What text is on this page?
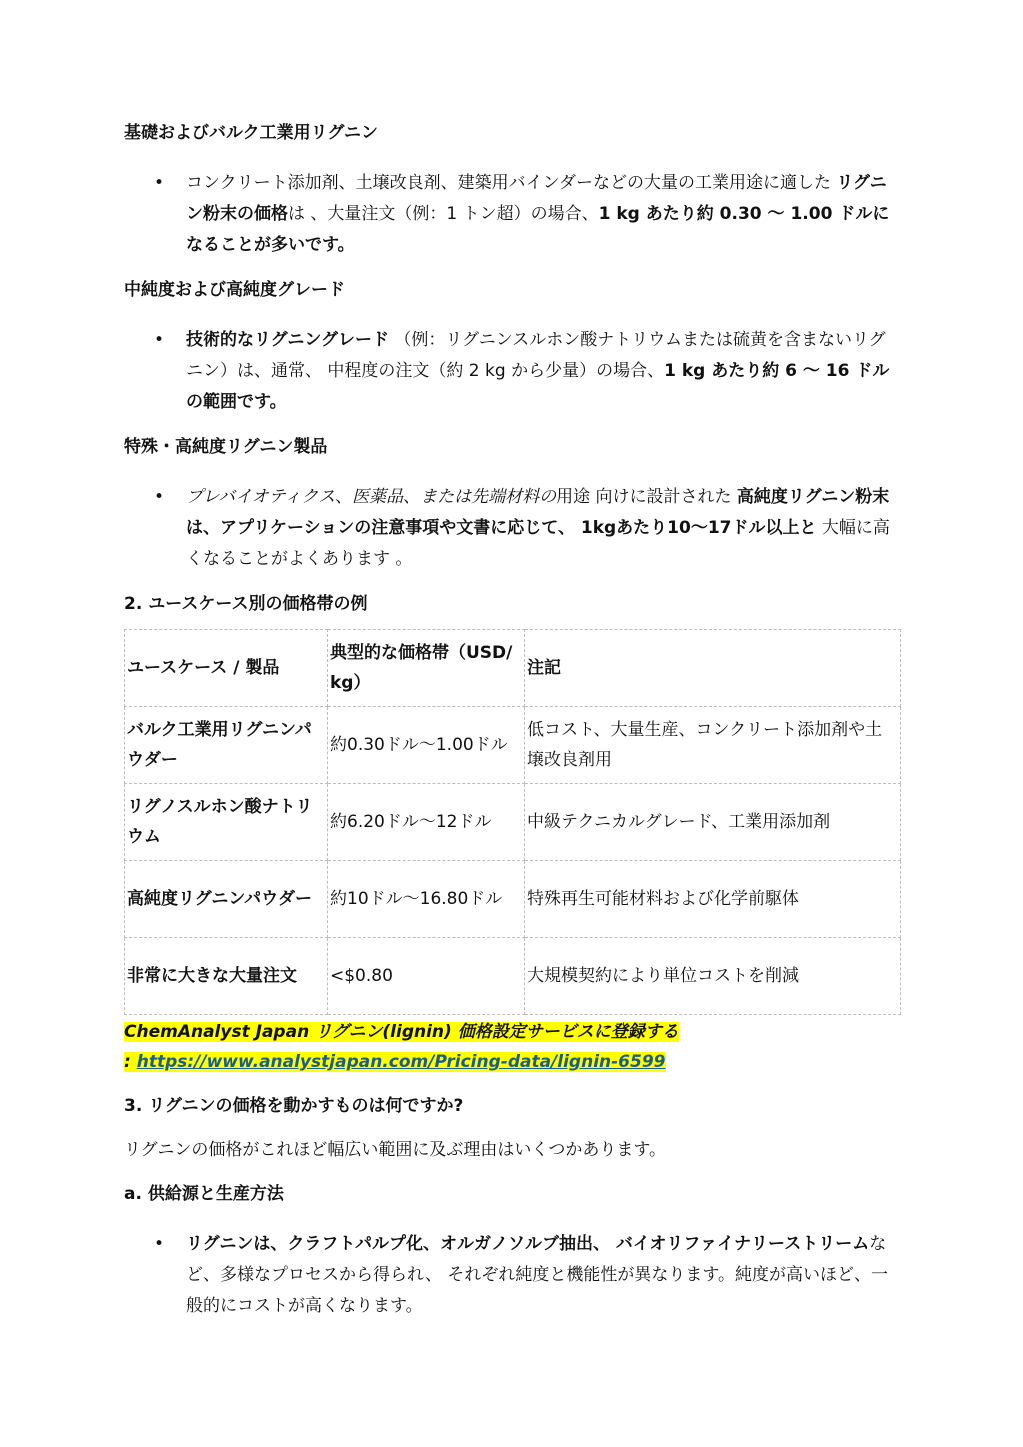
基礎およびバルク工業用リグニン
• コンクリート添加剤、土壌改良剤、建築用バインダーなどの大量の工業用途に適した リグニン粉末の価格は 、大量注文（例：1 トン超）の場合、1 kg あたり約 0.30 〜 1.00 ドルになることが多いです。
中純度および高純度グレード
• 技術的なリグニングレード （例：リグニンスルホン酸ナトリウムまたは硫黄を含まないリグニン）は、通常、 中程度の注文（約 2 kg から少量）の場合、1 kg あたり約 6 〜 16 ドルの範囲です。
特殊・高純度リグニン製品
• プレバイオティクス、医薬品、または先端材料の用途 向けに設計された 高純度リグニン粉末は、アプリケーションの注意事項や文書に応じて、 1kgあたり10〜17ドル以上と 大幅に高くなることがよくあります 。
2. ユースケース別の価格帯の例
ユースケース / 製品	典型的な価格帯（USD/kg）	注記
バルク工業用リグニンパウダー	約0.30ドル〜1.00ドル	低コスト、大量生産、コンクリート添加剤や土壌改良剤用
リグノスルホン酸ナトリウム	約6.20ドル〜12ドル	中級テクニカルグレード、工業用添加剤
高純度リグニンパウダー	約10ドル〜16.80ドル	特殊再生可能材料および化学前駆体
非常に大きな大量注文	<$0.80	大規模契約により単位コストを削減
ChemAnalyst Japan リグニン(lignin) 価格設定サービスに登録する
: https://www.analystjapan.com/Pricing-data/lignin-6599
3. リグニンの価格を動かすものは何ですか?

リグニンの価格がこれほど幅広い範囲に及ぶ理由はいくつかあります。

a. 供給源と生産方法
• リグニンは、クラフトパルプ化、オルガノソルブ抽出、 バイオリファイナリーストリームなど、多様なプロセスから得られ、 それぞれ純度と機能性が異なります。純度が高いほど、一般的にコストが高くなります。
